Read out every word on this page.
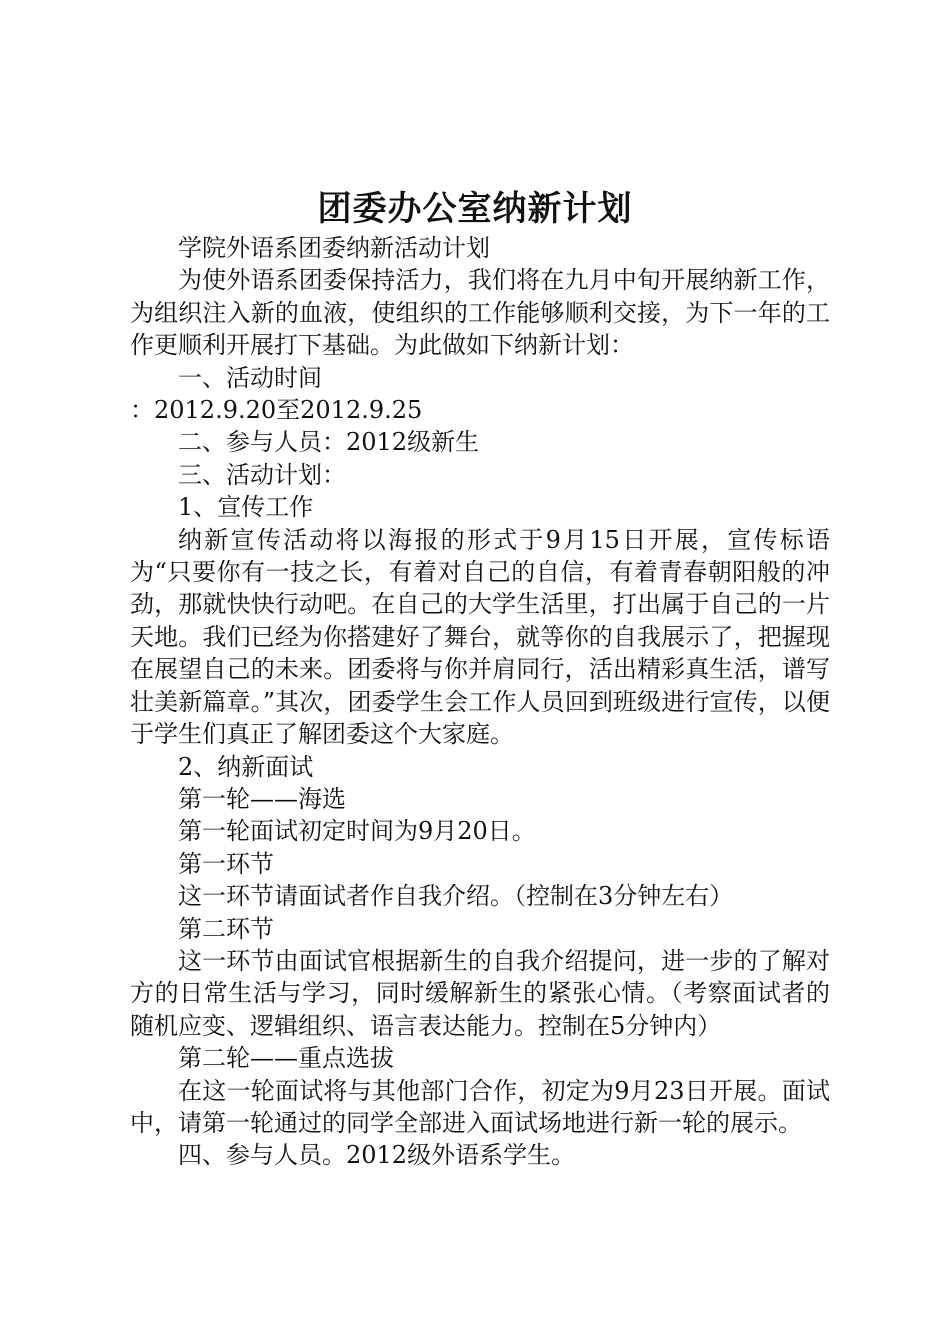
团委办公室纳新计划

学院外语系团委纳新活动计划

为使外语系团委保持活力，我们将在九月中旬开展纳新工作，为组织注入新的血液，使组织的工作能够顺利交接，为下一年的工作更顺利开展打下基础。为此做如下纳新计划：

一、活动时间

：2012.9.20至2012.9.25

二、参与人员：2012级新生

三、活动计划：

1、宣传工作

纳新宣传活动将以海报的形式于9月15日开展，宣传标语为“只要你有一技之长，有着对自己的自信，有着青春朝阳般的冲劲，那就快快行动吧。在自己的大学生活里，打出属于自己的一片天地。我们已经为你搭建好了舞台，就等你的自我展示了，把握现在展望自己的未来。团委将与你并肩同行，活出精彩真生活，谱写壮美新篇章。”其次，团委学生会工作人员回到班级进行宣传，以便于学生们真正了解团委这个大家庭。

2、纳新面试

第一轮——海选

第一轮面试初定时间为9月20日。

第一环节

这一环节请面试者作自我介绍。（控制在3分钟左右）

第二环节

这一环节由面试官根据新生的自我介绍提问，进一步的了解对方的日常生活与学习，同时缓解新生的紧张心情。（考察面试者的随机应变、逻辑组织、语言表达能力。控制在5分钟内）

第二轮——重点选拔

在这一轮面试将与其他部门合作，初定为9月23日开展。面试中，请第一轮通过的同学全部进入面试场地进行新一轮的展示。

四、参与人员。2012级外语系学生。
